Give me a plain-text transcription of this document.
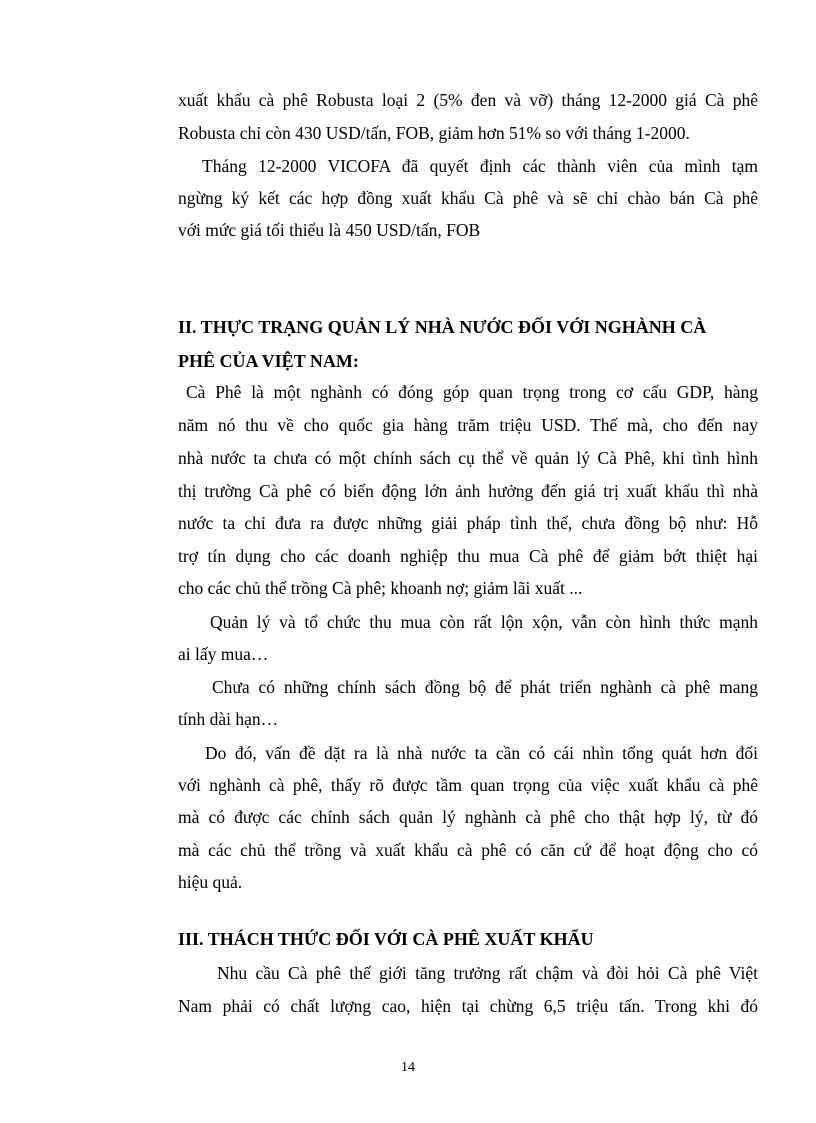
xuất khẩu cà phê Robusta loại 2 (5% đen và vỡ) tháng 12-2000 giá Cà phê
Robusta chỉ còn 430 USD/tấn, FOB, giảm hơn 51% so với tháng 1-2000.
Tháng 12-2000 VICOFA đã quyết định các thành viên của mình tạm
ngừng ký kết các hợp đồng xuất khẩu Cà phê và sẽ chỉ chào bán Cà phê
với mức giá tối thiểu là 450 USD/tấn, FOB
II. THỰC TRẠNG QUẢN LÝ NHÀ NƯỚC ĐỐI VỚI NGHÀNH CÀ
PHÊ CỦA VIỆT NAM:
Cà Phê là một nghành có đóng góp quan trọng trong cơ cấu GDP, hàng
năm nó thu về cho quốc gia hàng trăm triệu USD. Thế mà, cho đến nay
nhà nước ta chưa có một chính sách cụ thể về quản lý Cà Phê, khi tình hình
thị trường Cà phê có biến động lớn ảnh hưởng đến giá trị xuất khẩu thì nhà
nước ta chỉ đưa ra được những giải pháp tình thế, chưa đồng bộ như: Hỗ
trợ tín dụng cho các doanh nghiệp thu mua Cà phê để giảm bớt thiệt hại
cho các chủ thể trồng Cà phê; khoanh nợ; giảm lãi xuất ...
Quản lý và tổ chức thu mua còn rất lộn xộn, vẫn còn hình thức mạnh
ai lấy mua…
Chưa có những chính sách đồng bộ để phát triển nghành cà phê mang
tính dài hạn…
Do đó, vấn đề dặt ra là nhà nước ta cần có cái nhìn tổng quát hơn đối
với nghành cà phê, thấy rõ được tầm quan trọng của việc xuất khẩu cà phê
mà có được các chính sách quản lý nghành cà phê cho thật hợp lý, từ đó
mà các chủ thể trồng và xuất khẩu cà phê có căn cứ để hoạt động cho có
hiệu quả.
III. THÁCH THỨC ĐỐI VỚI CÀ PHÊ XUẤT KHẨU
Nhu cầu Cà phê thế giới tăng trưởng rất chậm và đòi hỏi Cà phê Việt
Nam phải có chất lượng cao, hiện tại chừng 6,5 triệu tấn. Trong khi đó
14
